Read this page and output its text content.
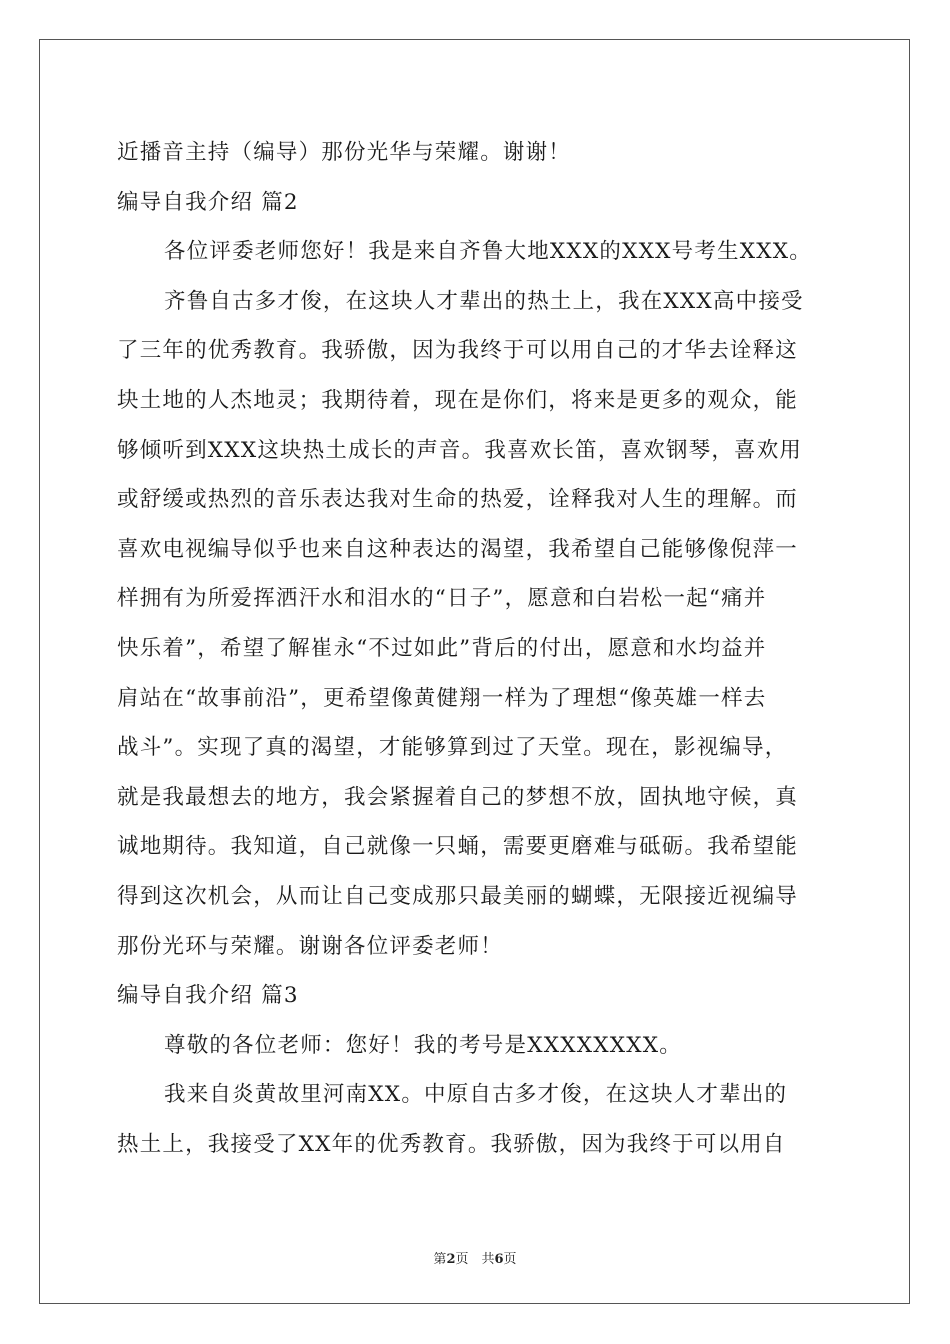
近播音主持（编导）那份光华与荣耀。谢谢！
编导自我介绍 篇2
各位评委老师您好！我是来自齐鲁大地XXX的XXX号考生XXX。
齐鲁自古多才俊，在这块人才辈出的热土上，我在XXX高中接受
了三年的优秀教育。我骄傲，因为我终于可以用自己的才华去诠释这
块土地的人杰地灵；我期待着，现在是你们，将来是更多的观众，能
够倾听到XXX这块热土成长的声音。我喜欢长笛，喜欢钢琴，喜欢用
或舒缓或热烈的音乐表达我对生命的热爱，诠释我对人生的理解。而
喜欢电视编导似乎也来自这种表达的渴望，我希望自己能够像倪萍一
样拥有为所爱挥洒汗水和泪水的“日子”，愿意和白岩松一起“痛并
快乐着”，希望了解崔永“不过如此”背后的付出，愿意和水均益并
肩站在“故事前沿”，更希望像黄健翔一样为了理想“像英雄一样去
战斗”。实现了真的渴望，才能够算到过了天堂。现在，影视编导，
就是我最想去的地方，我会紧握着自己的梦想不放，固执地守候，真
诚地期待。我知道，自己就像一只蛹，需要更磨难与砥砺。我希望能
得到这次机会，从而让自己变成那只最美丽的蝴蝶，无限接近视编导
那份光环与荣耀。谢谢各位评委老师！
编导自我介绍 篇3
尊敬的各位老师：您好！我的考号是XXXXXXXX。
我来自炎黄故里河南XX。中原自古多才俊，在这块人才辈出的
热土上，我接受了XX年的优秀教育。我骄傲，因为我终于可以用自
第2页　共6页
